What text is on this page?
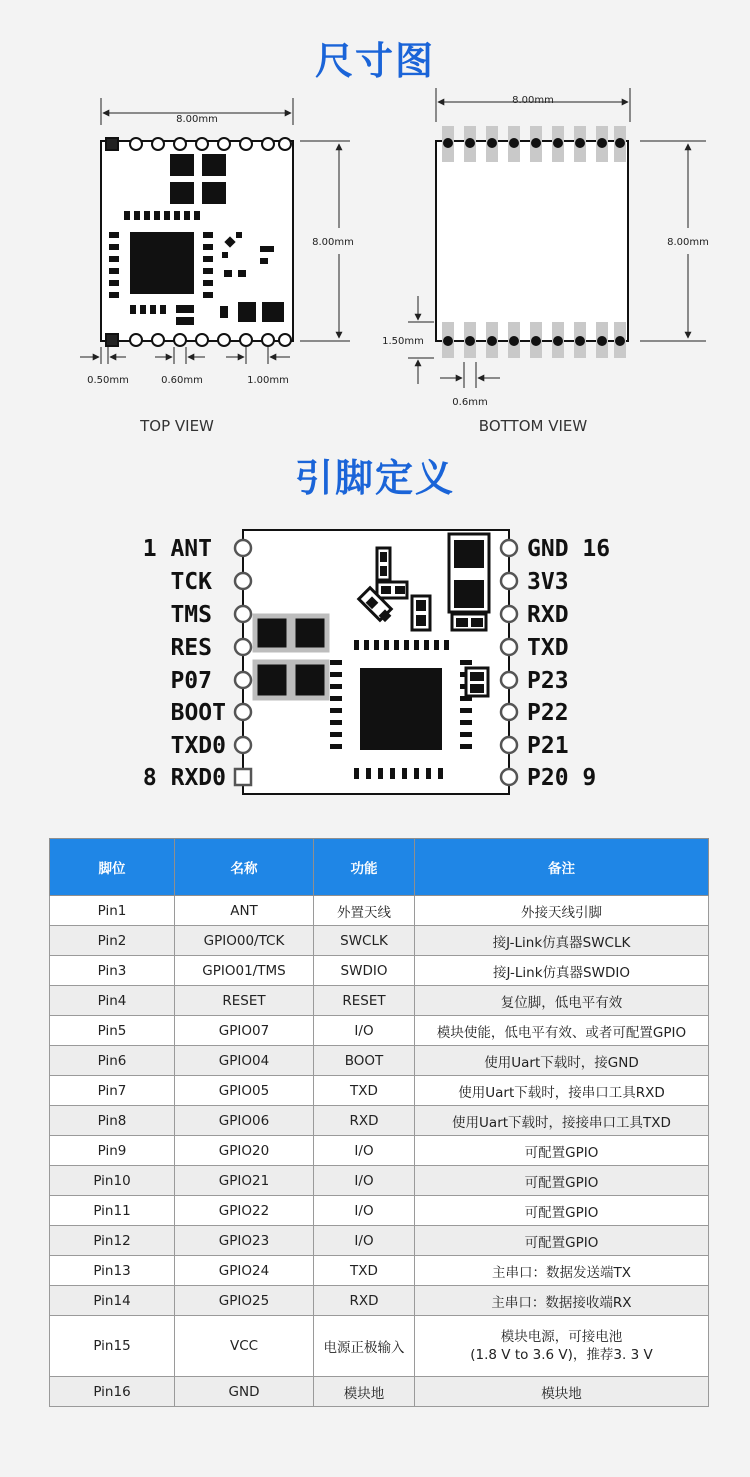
尺寸图
8.00mm
8.00mm
0.50mm	0.60mm	1.00mm
TOP VIEW
8.00mm
8.00mm
1.50mm
0.6mm
BOTTOM VIEW
引脚定义
1 ANT
TCK
TMS
RES
P07
BOOT
TXD0
8 RXD0
GND 16
3V3
RXD
TXD
P23
P22
P21
P20 9
脚位	名称	功能	备注
Pin1	ANT	外置天线	外接天线引脚
Pin2	GPIO00/TCK	SWCLK	接J-Link仿真器SWCLK
Pin3	GPIO01/TMS	SWDIO	接J-Link仿真器SWDIO
Pin4	RESET	RESET	复位脚，低电平有效
Pin5	GPIO07	I/O	模块使能，低电平有效、或者可配置GPIO
Pin6	GPIO04	BOOT	使用Uart下载时，接GND
Pin7	GPIO05	TXD	使用Uart下载时，接串口工具RXD
Pin8	GPIO06	RXD	使用Uart下载时，接接串口工具TXD
Pin9	GPIO20	I/O	可配置GPIO
Pin10	GPIO21	I/O	可配置GPIO
Pin11	GPIO22	I/O	可配置GPIO
Pin12	GPIO23	I/O	可配置GPIO
Pin13	GPIO24	TXD	主串口：数据发送端TX
Pin14	GPIO25	RXD	主串口：数据接收端RX
Pin15	VCC	电源正极输入	模块电源，可接电池
(1.8 V to 3.6 V)，推荐3. 3 V

Pin16	GND	模块地	模块地
